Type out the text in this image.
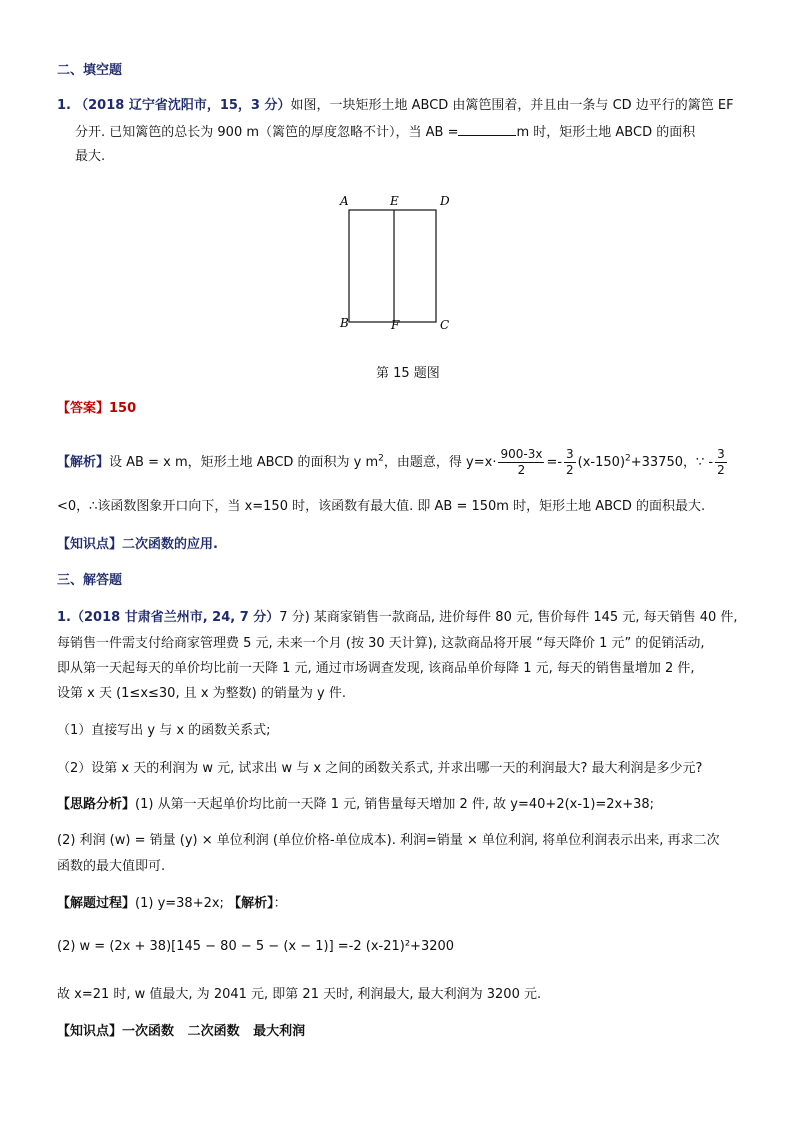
二、填空题
1. （2018 辽宁省沈阳市，15，3 分）如图，一块矩形土地 ABCD 由篱笆围着，并且由一条与 CD 边平行的篱笆 EF
分开. 已知篱笆的总长为 900 m（篱笆的厚度忽略不计），当 AB =	m 时，矩形土地 ABCD 的面积
最大.
A	E	D
B	F	C
第 15 题图
【答案】150
【解析】设 AB = x m，矩形土地 ABCD 的面积为 y $m^2$，由题意，得 $y=x\cdot \frac{900-3x}{2} =- \frac{3}{2} (x-150)^2+33750$，∵ - $\frac{3}{2}$
<0，∴该函数图象开口向下，当 x=150 时，该函数有最大值. 即 AB = 150m 时，矩形土地 ABCD 的面积最大.
【知识点】二次函数的应用.
三、解答题
1.（2018 甘肃省兰州市, 24, 7 分）7 分) 某商家销售一款商品, 进价每件 80 元, 售价每件 145 元, 每天销售 40 件,
每销售一件需支付给商家管理费 5 元, 未来一个月 (按 30 天计算), 这款商品将开展 “每天降价 1 元” 的促销活动,
即从第一天起每天的单价均比前一天降 1 元, 通过市场调查发现, 该商品单价每降 1 元, 每天的销售量增加 2 件,
设第 x 天 (1≤x≤30, 且 x 为整数) 的销量为 y 件.
（1）直接写出 y 与 x 的函数关系式;
（2）设第 x 天的利润为 w 元, 试求出 w 与 x 之间的函数关系式, 并求出哪一天的利润最大? 最大利润是多少元?
【思路分析】(1) 从第一天起单价均比前一天降 1 元, 销售量每天增加 2 件, 故 y=40+2(x-1)=2x+38;
(2) 利润 (w) = 销量 (y) × 单位利润 (单位价格-单位成本). 利润=销量 × 单位利润, 将单位利润表示出来, 再求二次
函数的最大值即可.
【解题过程】(1) y=38+2x; 【解析】：
(2) w = (2x + 38)[145 − 80 − 5 − (x − 1)] =-2 (x-21)²+3200
故 x=21 时, w 值最大, 为 2041 元, 即第 21 天时, 利润最大, 最大利润为 3200 元.
【知识点】一次函数   二次函数   最大利润
